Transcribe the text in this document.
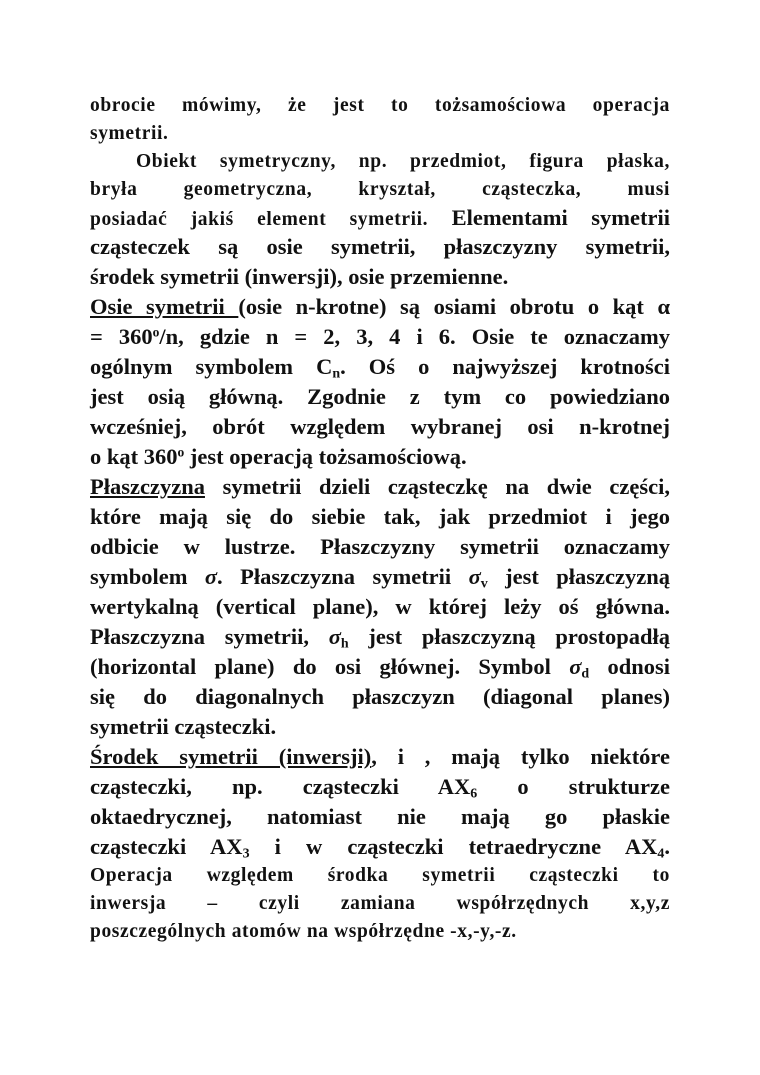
obrocie mówimy, że jest to tożsamościowa operacja
symetrii.
Obiekt symetryczny, np. przedmiot, figura płaska,
bryła geometryczna, kryształ, cząsteczka, musi
posiadać jakiś element symetrii. Elementami symetrii
cząsteczek są osie symetrii, płaszczyzny symetrii,
środek symetrii (inwersji), osie przemienne.
Osie symetrii (osie n-krotne) są osiami obrotu o kąt α
= $360^o/n$, gdzie n = 2, 3, 4 i 6. Osie te oznaczamy
ogólnym symbolem $C_n$. Oś o najwyższej krotności
jest osią główną. Zgodnie z tym co powiedziano
wcześniej, obrót względem wybranej osi n-krotnej
o kąt 360$^o$ jest operacją tożsamościową.
Płaszczyzna symetrii dzieli cząsteczkę na dwie części,
które mają się do siebie tak, jak przedmiot i jego
odbicie w lustrze. Płaszczyzny symetrii oznaczamy
symbolem σ. Płaszczyzna symetrii $\sigma_v$ jest płaszczyzną
wertykalną (vertical plane), w której leży oś główna.
Płaszczyzna symetrii, $\sigma_h$ jest płaszczyzną prostopadłą
(horizontal plane) do osi głównej. Symbol $\sigma_d$ odnosi
się do diagonalnych płaszczyzn (diagonal planes)
symetrii cząsteczki.
Środek symetrii (inwersji), i , mają tylko niektóre
cząsteczki, np. cząsteczki $AX_6$ o strukturze
oktaedrycznej, natomiast nie mają go płaskie
cząsteczki $AX_3$ i w cząsteczki tetraedryczne $AX_4$.
Operacja względem środka symetrii cząsteczki to
inwersja – czyli zamiana współrzędnych x,y,z
poszczególnych atomów na współrzędne -x,-y,-z.
